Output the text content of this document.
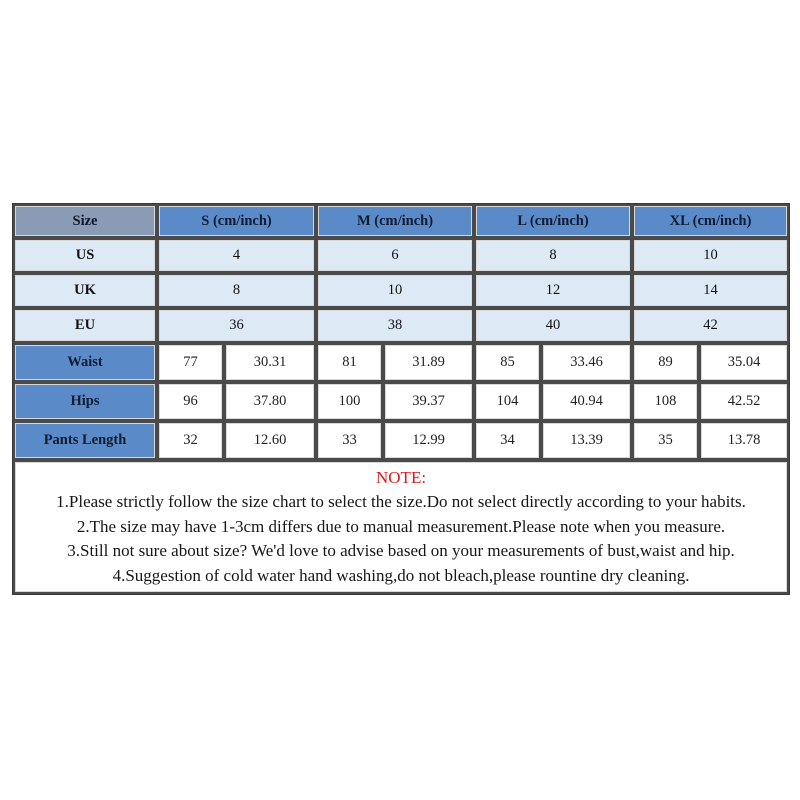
Size	S (cm/inch)		M (cm/inch)		L (cm/inch)		XL (cm/inch)	
US	4		6		8		10	
UK	8		10		12		14	
EU	36		38		40		42	
Waist	77	30.31	81	31.89	85	33.46	89	35.04
Hips	96	37.80	100	39.37	104	40.94	108	42.52
Pants Length	32	12.60	33	12.99	34	13.39	35	13.78

NOTE:
1.Please strictly follow the size chart to select the size.Do not select directly according to your habits.
2.The size may have 1-3cm differs due to manual measurement.Please note when you measure.
3.Still not sure about size? We'd love to advise based on your measurements of bust,waist and hip.
4.Suggestion of cold water hand washing,do not bleach,please rountine dry cleaning.								
